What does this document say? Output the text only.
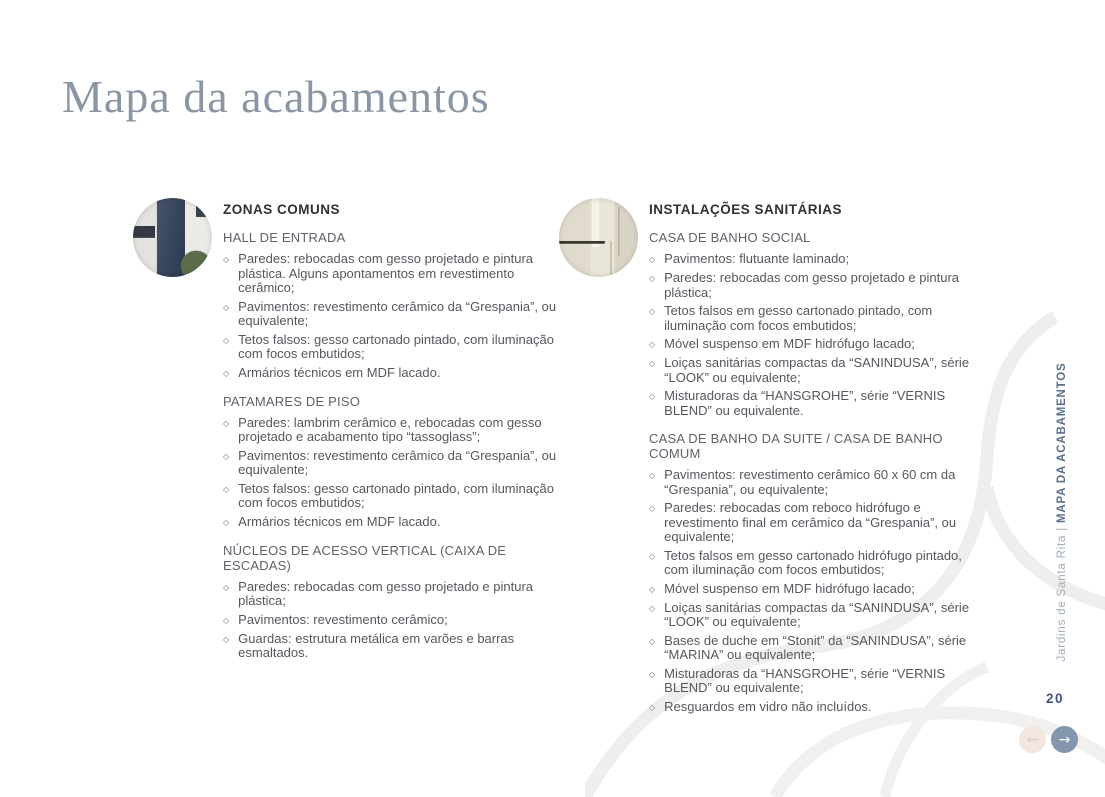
Mapa da acabamentos
ZONAS COMUNS
HALL DE ENTRADA
◇ Paredes: rebocadas com gesso projetado e pintura plástica. Alguns apontamentos em revestimento cerâmico;
◇ Pavimentos: revestimento cerâmico da “Grespania”, ou equivalente;
◇ Tetos falsos: gesso cartonado pintado, com iluminação com focos embutidos;
◇ Armários técnicos em MDF lacado.
PATAMARES DE PISO
◇ Paredes: lambrim cerâmico e, rebocadas com gesso projetado e acabamento tipo “tassoglass”;
◇ Pavimentos: revestimento cerâmico da “Grespania”, ou equivalente;
◇ Tetos falsos: gesso cartonado pintado, com iluminação com focos embutidos;
◇ Armários técnicos em MDF lacado.
NÚCLEOS DE ACESSO VERTICAL (CAIXA DE ESCADAS)
◇ Paredes: rebocadas com gesso projetado e pintura plástica;
◇ Pavimentos: revestimento cerâmico;
◇ Guardas: estrutura metálica em varões e barras esmaltados.
INSTALAÇÕES SANITÁRIAS
CASA DE BANHO SOCIAL
◇ Pavimentos: flutuante laminado;
◇ Paredes: rebocadas com gesso projetado e pintura plástica;
◇ Tetos falsos em gesso cartonado pintado, com iluminação com focos embutidos;
◇ Móvel suspenso em MDF hidrófugo lacado;
◇ Loiças sanitárias compactas da “SANINDUSA”, série “LOOK” ou equivalente;
◇ Misturadoras da “HANSGROHE”, série “VERNIS BLEND” ou equivalente.
CASA DE BANHO DA SUITE / CASA DE BANHO COMUM
◇ Pavimentos: revestimento cerâmico 60 x 60 cm da “Grespania”, ou equivalente;
◇ Paredes: rebocadas com reboco hidrófugo e revestimento final em cerâmico da “Grespania”, ou equivalente;
◇ Tetos falsos em gesso cartonado hidrófugo pintado, com iluminação com focos embutidos;
◇ Móvel suspenso em MDF hidrófugo lacado;
◇ Loiças sanitárias compactas da “SANINDUSA”, série “LOOK” ou equivalente;
◇ Bases de duche em “Stonit” da “SANINDUSA”, série “MARINA” ou equivalente;
◇ Misturadoras da “HANSGROHE”, série “VERNIS BLEND” ou equivalente;
◇ Resguardos em vidro não incluídos.
Jardins de Santa Rita|MAPA DA ACABAMENTOS
20
← →
